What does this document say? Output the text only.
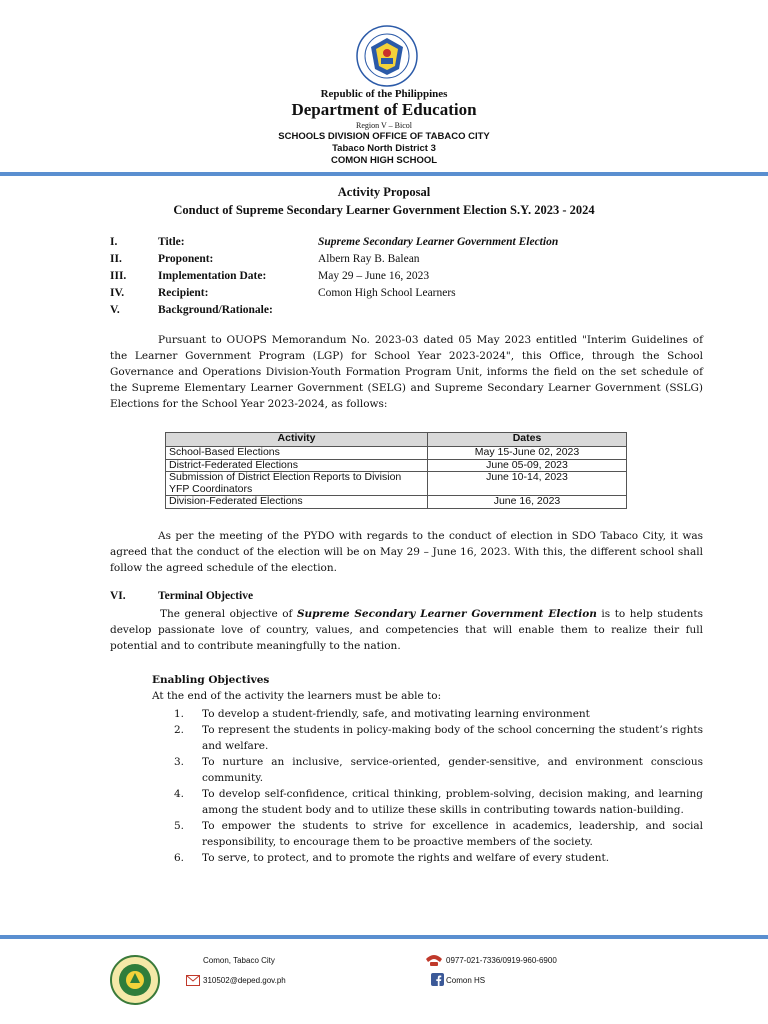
Republic of the Philippines
Department of Education
Region V – Bicol
SCHOOLS DIVISION OFFICE OF TABACO CITY
Tabaco North District 3
COMON HIGH SCHOOL
Activity Proposal
Conduct of Supreme Secondary Learner Government Election S.Y. 2023 - 2024
I.	Title:	Supreme Secondary Learner Government Election
II.	Proponent:	Albern Ray B. Balean
III.	Implementation Date:	May 29 – June 16, 2023
IV.	Recipient:	Comon High School Learners
V.	Background/Rationale:

Pursuant to OUOPS Memorandum No. 2023-03 dated 05 May 2023 entitled "Interim Guidelines of the Learner Government Program (LGP) for School Year 2023-2024", this Office, through the School Governance and Operations Division-Youth Formation Program Unit, informs the field on the set schedule of the Supreme Elementary Learner Government (SELG) and Supreme Secondary Learner Government (SSLG) Elections for the School Year 2023-2024, as follows:

Activity	Dates
School-Based Elections	May 15-June 02, 2023
District-Federated Elections	June 05-09, 2023
Submission of District Election Reports to Division YFP Coordinators	June 10-14, 2023
Division-Federated Elections	June 16, 2023

As per the meeting of the PYDO with regards to the conduct of election in SDO Tabaco City, it was agreed that the conduct of the election will be on May 29 – June 16, 2023. With this, the different school shall follow the agreed schedule of the election.

VI.	Terminal Objective
The general objective of Supreme Secondary Learner Government Election is to help students develop passionate love of country, values, and competencies that will enable them to realize their full potential and to contribute meaningfully to the nation.
Enabling Objectives
At the end of the activity the learners must be able to:
1. To develop a student-friendly, safe, and motivating learning environment
2. To represent the students in policy-making body of the school concerning the student’s rights and welfare.
3. To nurture an inclusive, service-oriented, gender-sensitive, and environment conscious community.
4. To develop self-confidence, critical thinking, problem-solving, decision making, and learning among the student body and to utilize these skills in contributing towards nation-building.
5. To empower the students to strive for excellence in academics, leadership, and social responsibility, to encourage them to be proactive members of the society.
6. To serve, to protect, and to promote the rights and welfare of every student.
Comon, Tabaco City
310502@deped.gov.ph
0977-021-7336/0919-960-6900
Comon HS
